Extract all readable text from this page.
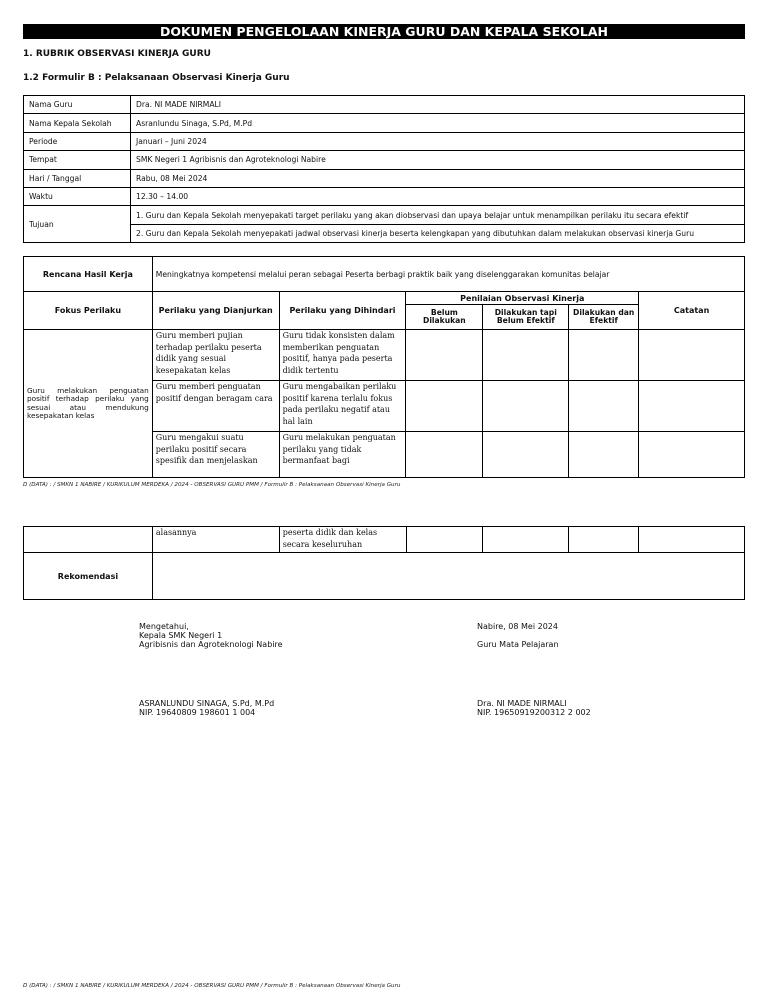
DOKUMEN PENGELOLAAN KINERJA GURU DAN KEPALA SEKOLAH
1. RUBRIK OBSERVASI KINERJA GURU
1.2 Formulir B : Pelaksanaan Observasi Kinerja Guru
Nama Guru	Dra. NI MADE NIRMALI
Nama Kepala Sekolah	Asranlundu Sinaga, S.Pd, M.Pd
Periode	Januari – Juni 2024
Tempat	SMK Negeri 1 Agribisnis dan Agroteknologi Nabire
Hari / Tanggal	Rabu, 08 Mei 2024
Waktu	12.30 – 14.00
Tujuan	1. Guru dan Kepala Sekolah menyepakati target perilaku yang akan diobservasi dan upaya belajar untuk menampilkan perilaku itu secara efektif
	2. Guru dan Kepala Sekolah menyepakati jadwal observasi kinerja beserta kelengkapan yang dibutuhkan dalam melakukan observasi kinerja Guru
Rencana Hasil Kerja	Meningkatnya kompetensi melalui peran sebagai Peserta berbagi praktik baik yang diselenggarakan komunitas belajar					
Fokus Perilaku	Perilaku yang Dianjurkan	Perilaku yang Dihindari	Penilaian Observasi Kinerja			Catatan
			Belum Dilakukan	Dilakukan tapi Belum Efektif	Dilakukan dan Efektif	
Guru melakukan penguatan positif terhadap perilaku yang sesuai atau mendukung kesepakatan kelas	Guru memberi pujian terhadap perilaku peserta didik yang sesuai kesepakatan kelas	Guru tidak konsisten dalam memberikan penguatan positif, hanya pada peserta didik tertentu				
	Guru memberi penguatan positif dengan beragam cara	Guru mengabaikan perilaku positif karena terlalu fokus pada perilaku negatif atau hal lain				
	Guru mengakui suatu perilaku positif secara spesifik dan menjelaskan	Guru melakukan penguatan perilaku yang tidak bermanfaat bagi				
D (DATA) : / SMKN 1 NABIRE / KURIKULUM MERDEKA / 2024 - OBSERVASI GURU PMM / Formulir B : Pelaksanaan Observasi Kinerja Guru
	alasannya	peserta didik dan kelas secara keseluruhan				
Rekomendasi						
Mengetahui,
Kepala SMK Negeri 1
Agribisnis dan Agroteknologi Nabire
Nabire, 08 Mei 2024
Guru Mata Pelajaran
ASRANLUNDU SINAGA, S.Pd, M.Pd
NIP. 19640809 198601 1 004
Dra. NI MADE NIRMALI
NIP. 19650919200312 2 002
D (DATA) : / SMKN 1 NABIRE / KURIKULUM MERDEKA / 2024 - OBSERVASI GURU PMM / Formulir B : Pelaksanaan Observasi Kinerja Guru
